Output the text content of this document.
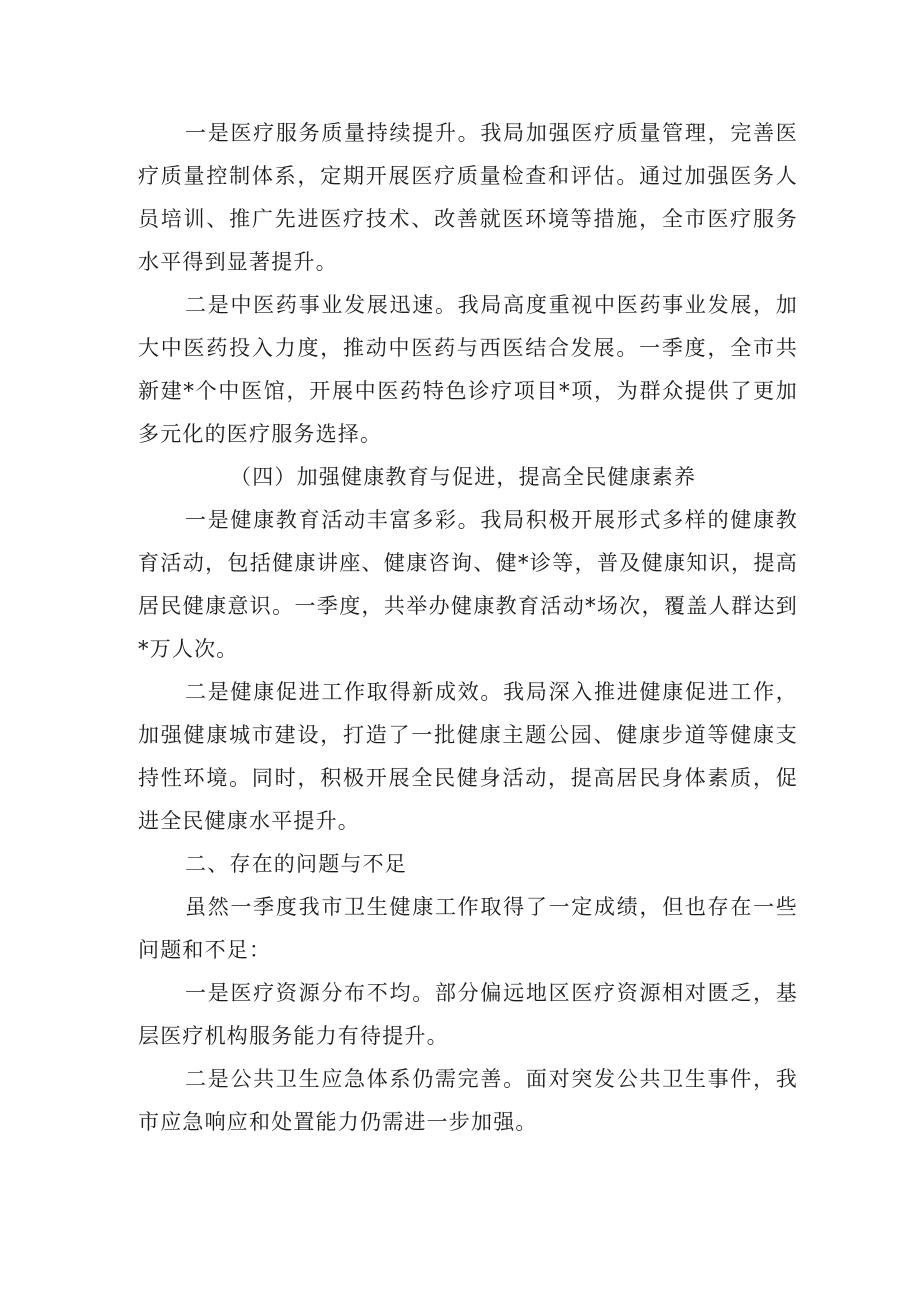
一是医疗服务质量持续提升。我局加强医疗质量管理，完善医疗质量控制体系，定期开展医疗质量检查和评估。通过加强医务人员培训、推广先进医疗技术、改善就医环境等措施，全市医疗服务水平得到显著提升。

二是中医药事业发展迅速。我局高度重视中医药事业发展，加大中医药投入力度，推动中医药与西医结合发展。一季度，全市共新建*个中医馆，开展中医药特色诊疗项目*项，为群众提供了更加多元化的医疗服务选择。

（四）加强健康教育与促进，提高全民健康素养

一是健康教育活动丰富多彩。我局积极开展形式多样的健康教育活动，包括健康讲座、健康咨询、健*诊等，普及健康知识，提高居民健康意识。一季度，共举办健康教育活动*场次，覆盖人群达到*万人次。

二是健康促进工作取得新成效。我局深入推进健康促进工作，加强健康城市建设，打造了一批健康主题公园、健康步道等健康支持性环境。同时，积极开展全民健身活动，提高居民身体素质，促进全民健康水平提升。

二、存在的问题与不足

虽然一季度我市卫生健康工作取得了一定成绩，但也存在一些问题和不足：

一是医疗资源分布不均。部分偏远地区医疗资源相对匮乏，基层医疗机构服务能力有待提升。

二是公共卫生应急体系仍需完善。面对突发公共卫生事件，我市应急响应和处置能力仍需进一步加强。
